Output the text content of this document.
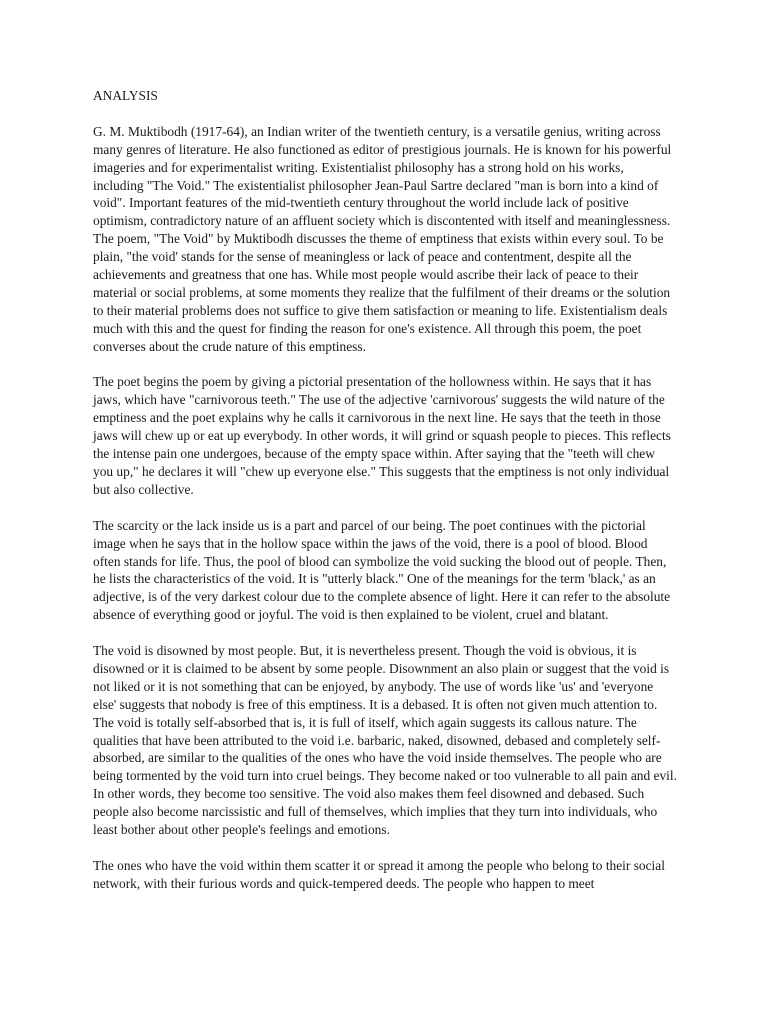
ANALYSIS

G. M. Muktibodh (1917-64), an Indian writer of the twentieth century, is a versatile genius, writing across many genres of literature. He also functioned as editor of prestigious journals. He is known for his powerful imageries and for experimentalist writing. Existentialist philosophy has a strong hold on his works, including "The Void." The existentialist philosopher Jean-Paul Sartre declared "man is born into a kind of void". Important features of the mid-twentieth century throughout the world include lack of positive optimism, contradictory nature of an affluent society which is discontented with itself and meaninglessness. The poem, "The Void" by Muktibodh discusses the theme of emptiness that exists within every soul. To be plain, "the void' stands for the sense of meaningless or lack of peace and contentment, despite all the achievements and greatness that one has. While most people would ascribe their lack of peace to their material or social problems, at some moments they realize that the fulfilment of their dreams or the solution to their material problems does not suffice to give them satisfaction or meaning to life. Existentialism deals much with this and the quest for finding the reason for one's existence. All through this poem, the poet converses about the crude nature of this emptiness.

The poet begins the poem by giving a pictorial presentation of the hollowness within. He says that it has jaws, which have "carnivorous teeth." The use of the adjective 'carnivorous' suggests the wild nature of the emptiness and the poet explains why he calls it carnivorous in the next line. He says that the teeth in those jaws will chew up or eat up everybody. In other words, it will grind or squash people to pieces. This reflects the intense pain one undergoes, because of the empty space within. After saying that the "teeth will chew you up," he declares it will "chew up everyone else." This suggests that the emptiness is not only individual but also collective.

The scarcity or the lack inside us is a part and parcel of our being. The poet continues with the pictorial image when he says that in the hollow space within the jaws of the void, there is a pool of blood. Blood often stands for life. Thus, the pool of blood can symbolize the void sucking the blood out of people. Then, he lists the characteristics of the void. It is "utterly black." One of the meanings for the term 'black,' as an adjective, is of the very darkest colour due to the complete absence of light. Here it can refer to the absolute absence of everything good or joyful. The void is then explained to be violent, cruel and blatant.

The void is disowned by most people. But, it is nevertheless present. Though the void is obvious, it is disowned or it is claimed to be absent by some people. Disownment an also plain or suggest that the void is not liked or it is not something that can be enjoyed, by anybody. The use of words like 'us' and 'everyone else' suggests that nobody is free of this emptiness. It is a debased. It is often not given much attention to. The void is totally self-absorbed that is, it is full of itself, which again suggests its callous nature. The qualities that have been attributed to the void i.e. barbaric, naked, disowned, debased and completely self-absorbed, are similar to the qualities of the ones who have the void inside themselves. The people who are being tormented by the void turn into cruel beings. They become naked or too vulnerable to all pain and evil. In other words, they become too sensitive. The void also makes them feel disowned and debased. Such people also become narcissistic and full of themselves, which implies that they turn into individuals, who least bother about other people's feelings and emotions.

The ones who have the void within them scatter it or spread it among the people who belong to their social network, with their furious words and quick-tempered deeds. The people who happen to meet
